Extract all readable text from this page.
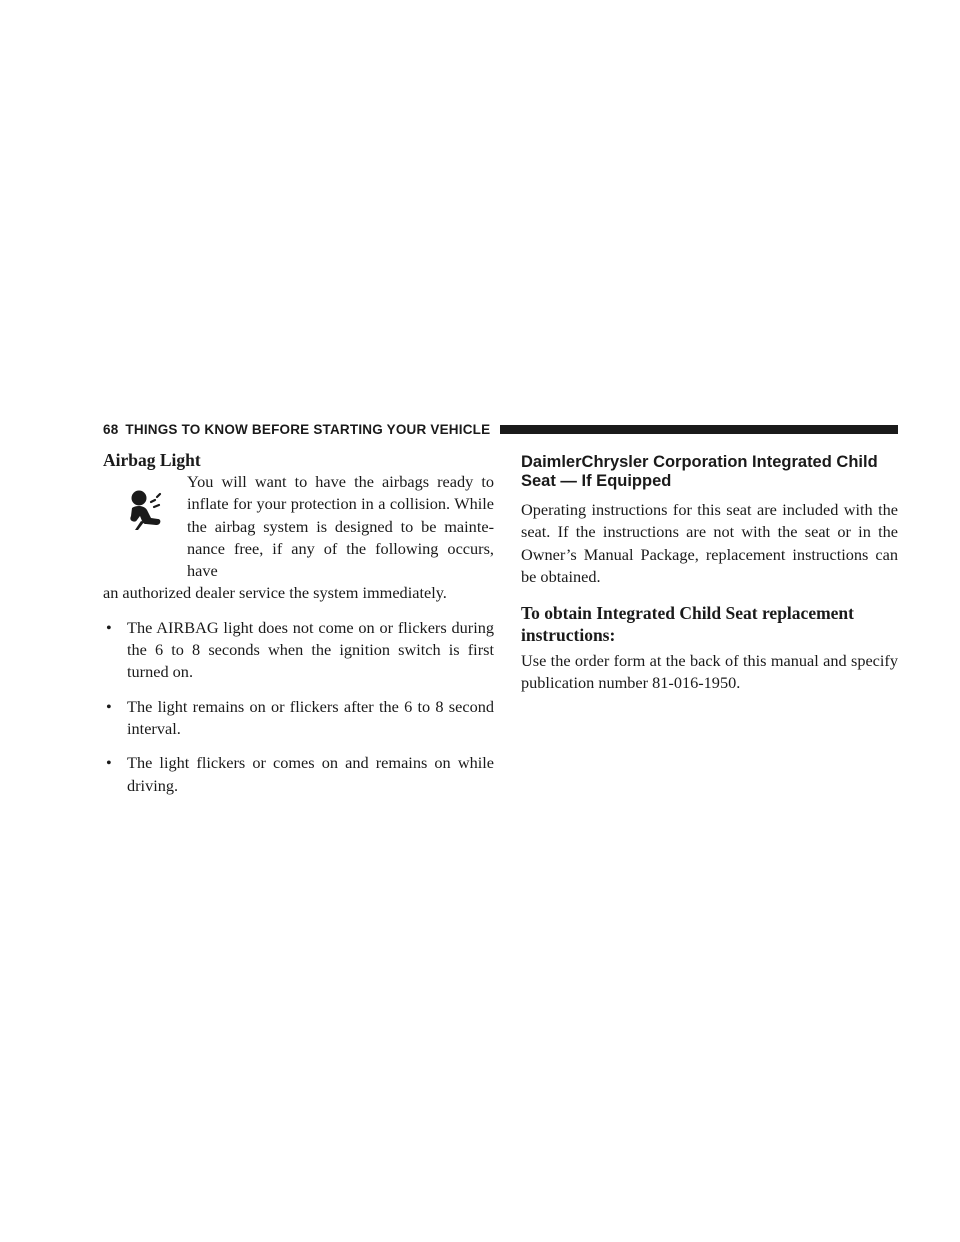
68 THINGS TO KNOW BEFORE STARTING YOUR VEHICLE
Airbag Light

You will want to have the airbags ready to inflate for your protection in a collision. While the airbag system is designed to be mainte- nance free, if any of the following occurs, have

an authorized dealer service the system immediately.

• The AIRBAG light does not come on or flickers during the 6 to 8 seconds when the ignition switch is first turned on.
• The light remains on or flickers after the 6 to 8 second interval.
• The light flickers or comes on and remains on while driving.
DaimlerChrysler Corporation Integrated Child Seat — If Equipped

Operating instructions for this seat are included with the seat. If the instructions are not with the seat or in the Owner’s Manual Package, replacement instructions can be obtained.

To obtain Integrated Child Seat replacement instructions:

Use the order form at the back of this manual and specify publication number 81-016-1950.
